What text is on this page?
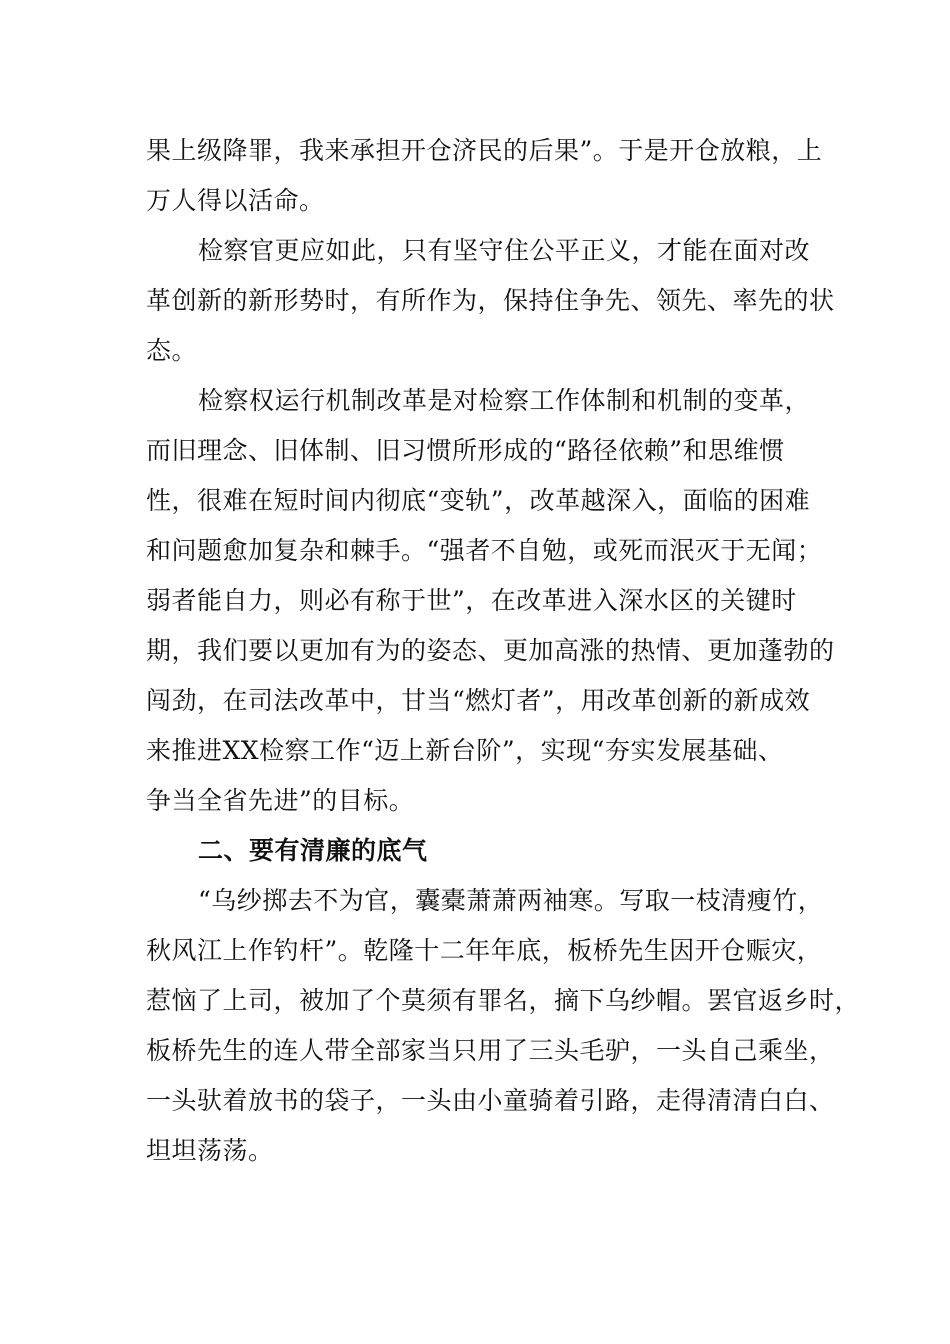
果上级降罪，我来承担开仓济民的后果”。于是开仓放粮，上
万人得以活命。
检察官更应如此，只有坚守住公平正义，才能在面对改
革创新的新形势时，有所作为，保持住争先、领先、率先的状
态。
检察权运行机制改革是对检察工作体制和机制的变革，
而旧理念、旧体制、旧习惯所形成的“路径依赖”和思维惯
性，很难在短时间内彻底“变轨”，改革越深入，面临的困难
和问题愈加复杂和棘手。“强者不自勉，或死而泯灭于无闻；
弱者能自力，则必有称于世”，在改革进入深水区的关键时
期，我们要以更加有为的姿态、更加高涨的热情、更加蓬勃的
闯劲，在司法改革中，甘当“燃灯者”，用改革创新的新成效
来推进XX检察工作“迈上新台阶”，实现“夯实发展基础、
争当全省先进”的目标。
二、要有清廉的底气
“乌纱掷去不为官，囊橐萧萧两袖寒。写取一枝清瘦竹，
秋风江上作钓杆”。乾隆十二年年底，板桥先生因开仓赈灾，
惹恼了上司，被加了个莫须有罪名，摘下乌纱帽。罢官返乡时，
板桥先生的连人带全部家当只用了三头毛驴，一头自己乘坐，
一头驮着放书的袋子，一头由小童骑着引路，走得清清白白、
坦坦荡荡。
